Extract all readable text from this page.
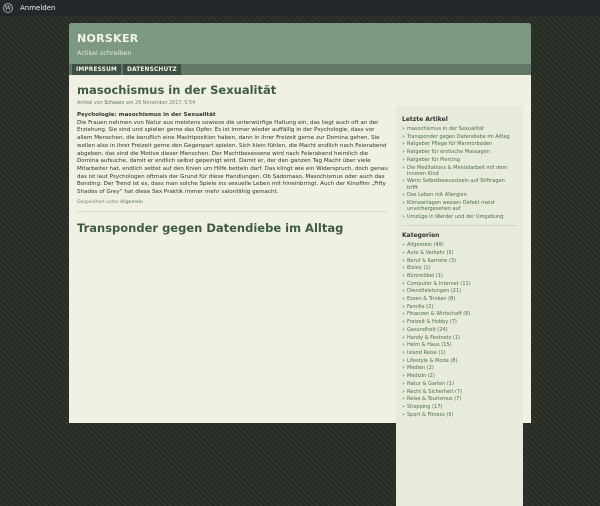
W	Anmelden
NORSKER
Artikel schreiben
IMPRESSUM	DATENSCHUTZ
masochismus in der Sexualität
Artikel von Schwarz am 29 November 2017, 5:54

Psychologie: masochismus in der Sexualität

Die Frauen nehmen von Natur aus meistens sowieso die unterwürfige Haltung ein, das liegt auch oft an der Erziehung. Sie sind und spielen gerne das Opfer. Es ist immer wieder auffällig in der Psychologie, dass vor allem Menschen, die beruflich eine Machtposition haben, dann in ihrer Freizeit gerne zur Domina gehen. Sie wollen also in ihrer Freizeit gerne den Gegenpart spielen. Sich klein fühlen, die Macht endlich nach Feierabend abgeben, das sind die Motive dieser Menschen. Der Machtbesessene wird nach Feierabend heimlich die Domina aufsuche, damit er endlich selbst gepeinigt wird. Damit er, der den ganzen Tag Macht über viele Mitarbeiter hat, endlich selbst auf den Knien um Hilfe betteln darf. Das klingt wie ein Widerspruch, doch genau das ist laut Psychologen oftmals der Grund für diese Handlungen. Ob Sadomaso, Masochismus oder auch das Bonding: Der Trend ist es, dass man solche Spiele ins sexuelle Leben mit hineinbringt. Auch der Kinofilm „Fifty Shades of Grey“ hat diese Sex Praktik immer mehr salonfähig gemacht.

Gespeichert unter Allgemein
Transponder gegen Datendiebe im Alltag
Letzte Artikel
» masochismus in der Sexualität
» Transponder gegen Datendiebe im Alltag
» Ratgeber Pflege für Marmorboden
» Ratgeber für erotische Massagen
» Ratgeber für Piercing
» Die Meditations & Mentalarbeit mit dem Inneren Kind
» Wenn Selbstbewusstsein auf Stiftragen trifft
» Das Leben mit Allergien
» Klimaanlagen wessen Defekt meist unvorhergesehen auf
» Umzüge in Werder und der Umgebung
Kategorien
» Allgemein (49)
» Auto & Verkehr (5)
» Beruf & Karriere (3)
» Bisley (1)
» Büromöbel (1)
» Computer & Internet (11)
» Dienstleistungen (21)
» Essen & Trinken (8)
» Familie (2)
» Finanzen & Wirtschaft (6)
» Freizeit & Hobby (7)
» Gesundheit (24)
» Handy & Festnetz (1)
» Heim & Haus (15)
» Island Reise (1)
» Lifestyle & Mode (8)
» Medien (2)
» Medizin (2)
» Natur & Garten (1)
» Recht & Sicherheit (7)
» Reise & Tourismus (7)
» Shopping (17)
» Sport & Fitness (5)
